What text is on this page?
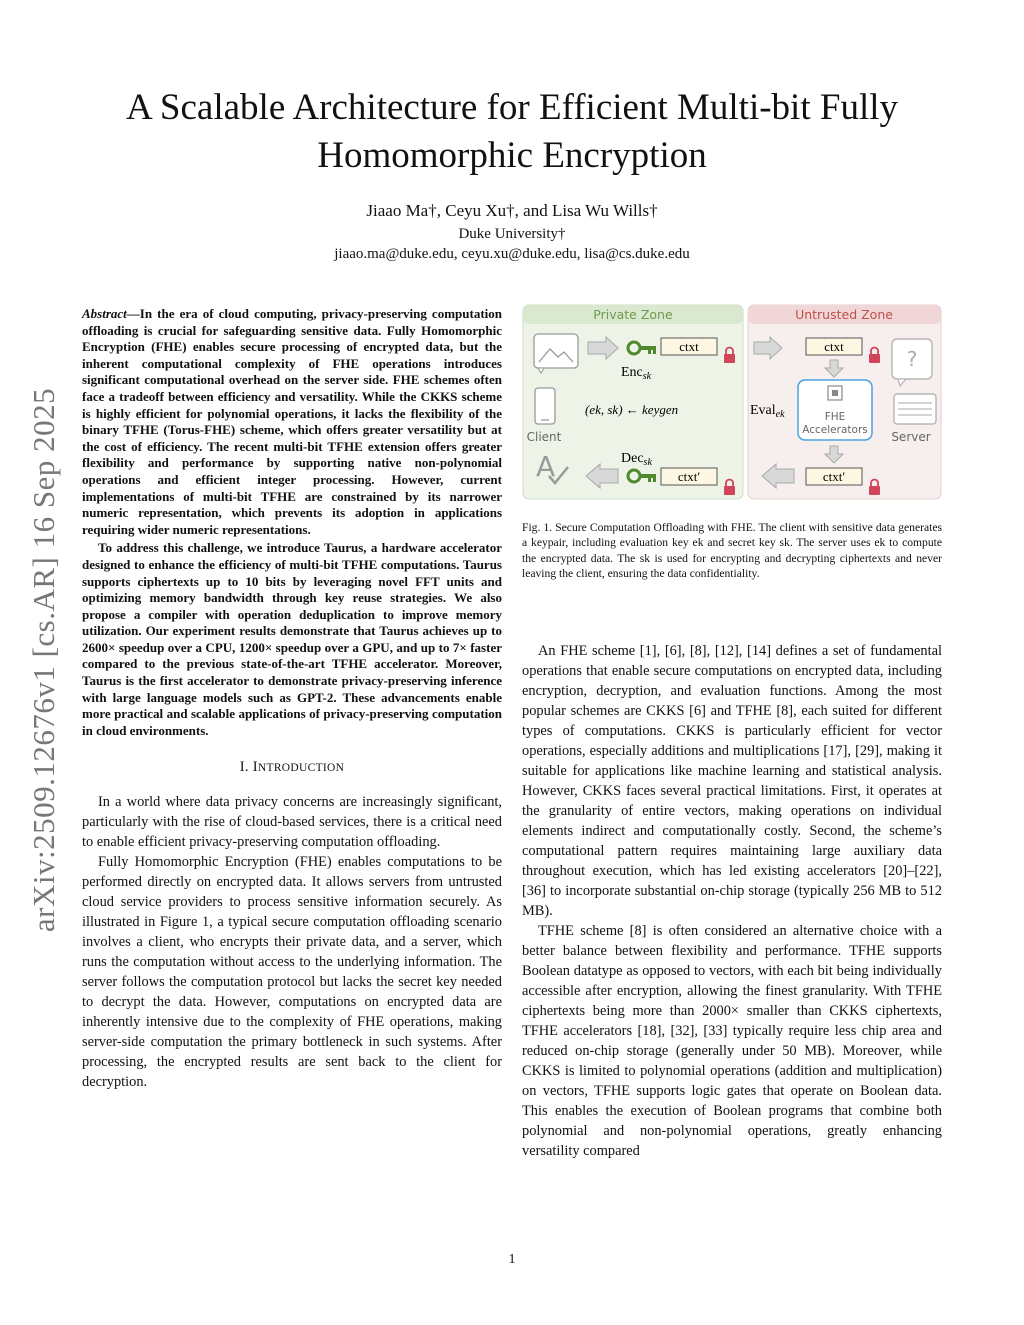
A Scalable Architecture for Efficient Multi-bit Fully Homomorphic Encryption
Jiaao Ma†, Ceyu Xu†, and Lisa Wu Wills†
Duke University†
jiaao.ma@duke.edu, ceyu.xu@duke.edu, lisa@cs.duke.edu
arXiv:2509.12676v1 [cs.AR] 16 Sep 2025

Abstract—In the era of cloud computing, privacy-preserving computation offloading is crucial for safeguarding sensitive data. Fully Homomorphic Encryption (FHE) enables secure processing of encrypted data, but the inherent computational complexity of FHE operations introduces significant computational overhead on the server side. FHE schemes often face a tradeoff between efficiency and versatility. While the CKKS scheme is highly efficient for polynomial operations, it lacks the flexibility of the binary TFHE (Torus-FHE) scheme, which offers greater versatility but at the cost of efficiency. The recent multi-bit TFHE extension offers greater flexibility and performance by supporting native non-polynomial operations and efficient integer processing. However, current implementations of multi-bit TFHE are constrained by its narrower numeric representation, which prevents its adoption in applications requiring wider numeric representations.

To address this challenge, we introduce Taurus, a hardware accelerator designed to enhance the efficiency of multi-bit TFHE computations. Taurus supports ciphertexts up to 10 bits by leveraging novel FFT units and optimizing memory bandwidth through key reuse strategies. We also propose a compiler with operation deduplication to improve memory utilization. Our experiment results demonstrate that Taurus achieves up to 2600× speedup over a CPU, 1200× speedup over a GPU, and up to 7× faster compared to the previous state-of-the-art TFHE accelerator. Moreover, Taurus is the first accelerator to demonstrate privacy-preserving inference with large language models such as GPT-2. These advancements enable more practical and scalable applications of privacy-preserving computation in cloud environments.

I. INTRODUCTION

In a world where data privacy concerns are increasingly significant, particularly with the rise of cloud-based services, there is a critical need to enable efficient privacy-preserving computation offloading.

Fully Homomorphic Encryption (FHE) enables computations to be performed directly on encrypted data. It allows servers from untrusted cloud service providers to process sensitive information securely. As illustrated in Figure 1, a typical secure computation offloading scenario involves a client, who encrypts their private data, and a server, which runs the computation without access to the underlying information. The server follows the computation protocol but lacks the secret key needed to decrypt the data. However, computations on encrypted data are inherently intensive due to the complexity of FHE operations, making server-side computation the primary bottleneck in such systems. After processing, the encrypted results are sent back to the client for decryption.

Private Zone	Untrusted Zone
Client
A
ctxt
Enc$_{sk}$
(ek, sk) ← keygen
Dec$_{sk}$
ctxt′
ctxt
Eval$_{ek}$	FHE
Accelerators
ctxt′
?
Server
Fig. 1. Secure Computation Offloading with FHE. The client with sensitive data generates a keypair, including evaluation key ek and secret key sk. The server uses ek to compute the encrypted data. The sk is used for encrypting and decrypting ciphertexts and never leaving the client, ensuring the data confidentiality.

An FHE scheme [1], [6], [8], [12], [14] defines a set of fundamental operations that enable secure computations on encrypted data, including encryption, decryption, and evaluation functions. Among the most popular schemes are CKKS [6] and TFHE [8], each suited for different types of computations. CKKS is particularly efficient for vector operations, especially additions and multiplications [17], [29], making it suitable for applications like machine learning and statistical analysis. However, CKKS faces several practical limitations. First, it operates at the granularity of entire vectors, making operations on individual elements indirect and computationally costly. Second, the scheme’s computational pattern requires maintaining large auxiliary data throughout execution, which has led existing accelerators [20]–[22], [36] to incorporate substantial on-chip storage (typically 256 MB to 512 MB).

TFHE scheme [8] is often considered an alternative choice with a better balance between flexibility and performance. TFHE supports Boolean datatype as opposed to vectors, with each bit being individually accessible after encryption, allowing the finest granularity. With TFHE ciphertexts being more than 2000× smaller than CKKS ciphertexts, TFHE accelerators [18], [32], [33] typically require less chip area and reduced on-chip storage (generally under 50 MB). Moreover, while CKKS is limited to polynomial operations (addition and multiplication) on vectors, TFHE supports logic gates that operate on Boolean data. This enables the execution of Boolean programs that combine both polynomial and non-polynomial operations, greatly enhancing versatility compared

1
